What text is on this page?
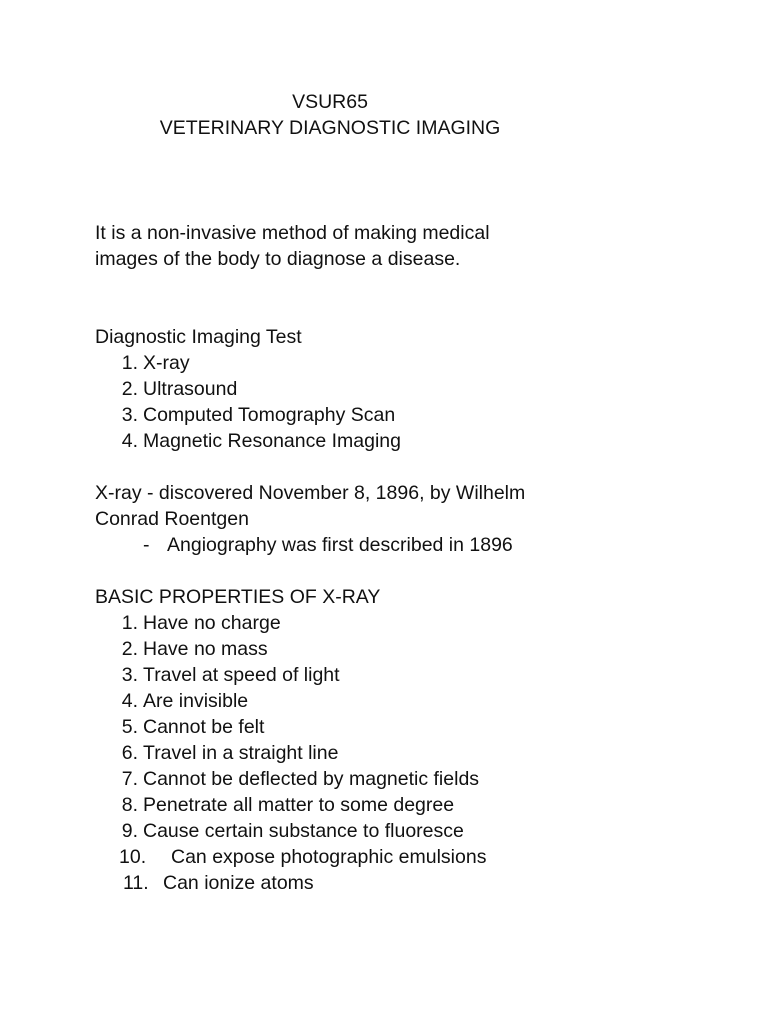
VSUR65
VETERINARY DIAGNOSTIC IMAGING

It is a non-invasive method of making medical

images of the body to diagnose a disease.

Diagnostic Imaging Test
1. X-ray
2. Ultrasound
3. Computed Tomography Scan
4. Magnetic Resonance Imaging

X-ray - discovered November 8, 1896, by Wilhelm

Conrad Roentgen

- Angiography was first described in 1896

BASIC PROPERTIES OF X-RAY
1. Have no charge
2. Have no mass
3. Travel at speed of light
4. Are invisible
5. Cannot be felt
6. Travel in a straight line
7. Cannot be deflected by magnetic fields
8. Penetrate all matter to some degree
9. Cause certain substance to fluoresce
10. Can expose photographic emulsions
11. Can ionize atoms
